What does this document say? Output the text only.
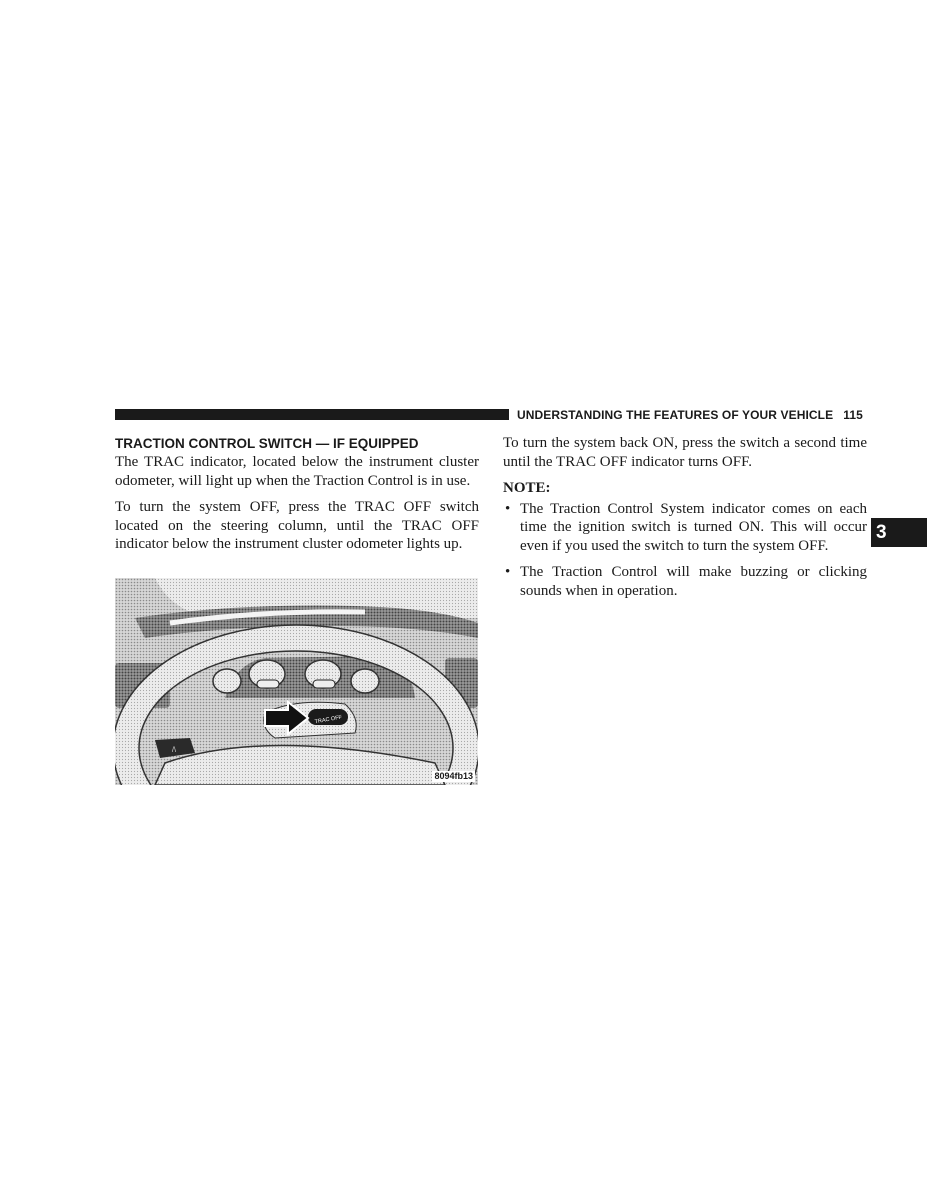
UNDERSTANDING THE FEATURES OF YOUR VEHICLE 115
3
TRACTION CONTROL SWITCH — IF EQUIPPED

The TRAC indicator, located below the instrument cluster odometer, will light up when the Traction Control is in use.

To turn the system OFF, press the TRAC OFF switch located on the steering column, until the TRAC OFF indicator below the instrument cluster odometer lights up.

/\
TRAC OFF
8094fb13

To turn the system back ON, press the switch a second time until the TRAC OFF indicator turns OFF.

NOTE:
• The Traction Control System indicator comes on each time the ignition switch is turned ON. This will occur even if you used the switch to turn the system OFF.
• The Traction Control will make buzzing or clicking sounds when in operation.
